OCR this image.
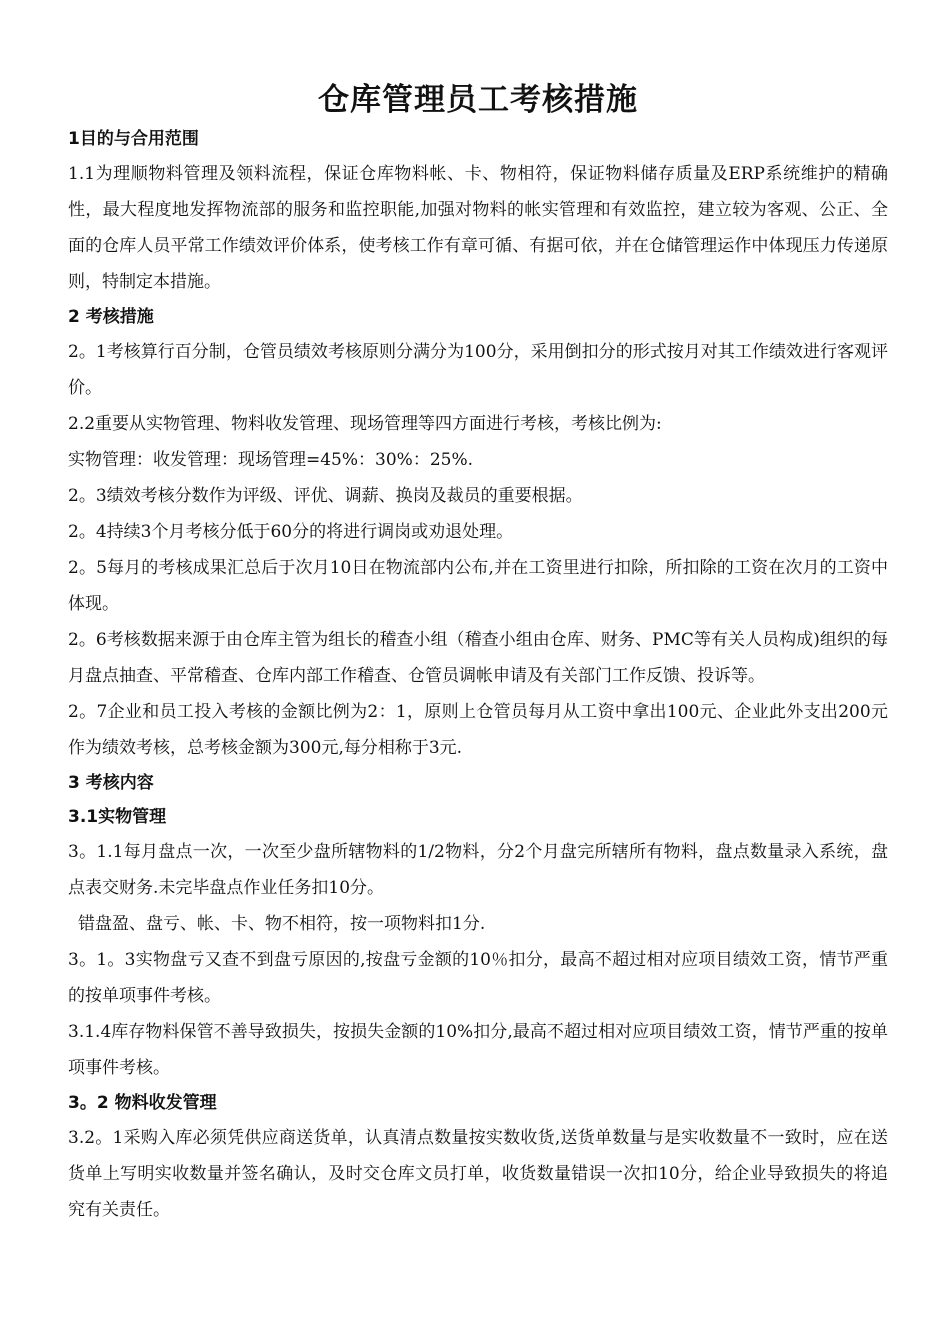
仓库管理员工考核措施

1目的与合用范围

1.1为理顺物料管理及领料流程，保证仓库物料帐、卡、物相符，保证物料储存质量及ERP系统维护的精确性，最大程度地发挥物流部的服务和监控职能,加强对物料的帐实管理和有效监控，建立较为客观、公正、全面的仓库人员平常工作绩效评价体系，使考核工作有章可循、有据可依，并在仓储管理运作中体现压力传递原则，特制定本措施。

2 考核措施

2。1考核算行百分制，仓管员绩效考核原则分满分为100分，采用倒扣分的形式按月对其工作绩效进行客观评价。

2.2重要从实物管理、物料收发管理、现场管理等四方面进行考核，考核比例为:

实物管理：收发管理：现场管理=45%：30%：25%.

2。3绩效考核分数作为评级、评优、调薪、换岗及裁员的重要根据。

2。4持续3个月考核分低于60分的将进行调岗或劝退处理。

2。5每月的考核成果汇总后于次月10日在物流部内公布,并在工资里进行扣除，所扣除的工资在次月的工资中体现。

2。6考核数据来源于由仓库主管为组长的稽查小组（稽查小组由仓库、财务、PMC等有关人员构成)组织的每月盘点抽查、平常稽查、仓库内部工作稽查、仓管员调帐申请及有关部门工作反馈、投诉等。

2。7企业和员工投入考核的金额比例为2：1，原则上仓管员每月从工资中拿出100元、企业此外支出200元作为绩效考核，总考核金额为300元,每分相称于3元.

3 考核内容

3.1实物管理

3。1.1每月盘点一次，一次至少盘所辖物料的1/2物料，分2个月盘完所辖所有物料，盘点数量录入系统，盘点表交财务.未完毕盘点作业任务扣10分。

错盘盈、盘亏、帐、卡、物不相符，按一项物料扣1分.

3。1。3实物盘亏又查不到盘亏原因的,按盘亏金额的10％扣分，最高不超过相对应项目绩效工资，情节严重的按单项事件考核。

3.1.4库存物料保管不善导致损失，按损失金额的10%扣分,最高不超过相对应项目绩效工资，情节严重的按单项事件考核。

3。2 物料收发管理

3.2。1采购入库必须凭供应商送货单，认真清点数量按实数收货,送货单数量与是实收数量不一致时，应在送货单上写明实收数量并签名确认，及时交仓库文员打单，收货数量错误一次扣10分，给企业导致损失的将追究有关责任。
